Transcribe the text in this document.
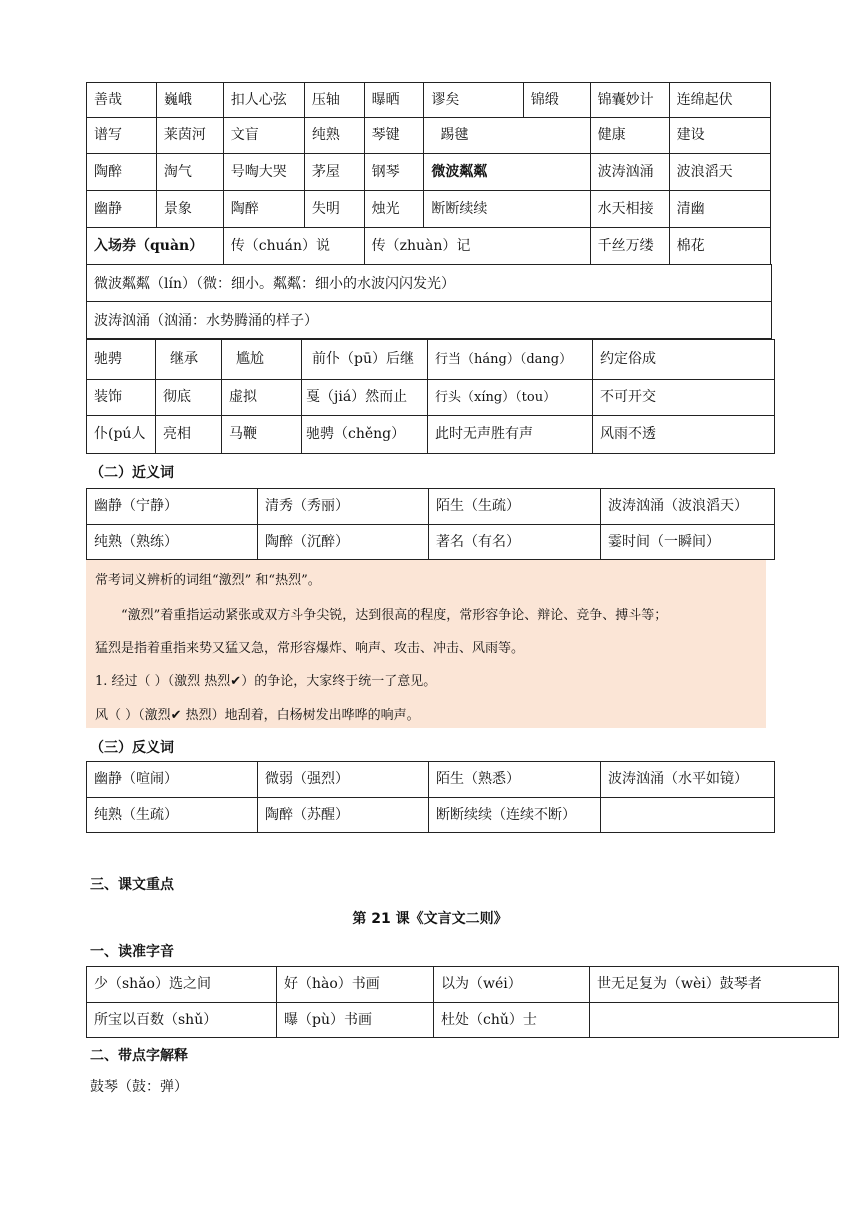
善哉	巍峨	扣人心弦	压轴	曝晒	谬矣	锦缎	锦囊妙计	连绵起伏
谱写	莱茵河	文盲	纯熟	琴键	踢毽		健康	建设
陶醉	淘气	号啕大哭	茅屋	钢琴	微波粼粼		波涛汹涌	波浪滔天
幽静	景象	陶醉	失明	烛光	断断续续		水天相接	清幽
入场券（quàn）		传（chuán）说		传（zhuàn）记			千丝万缕	棉花
微波粼粼（lín）（微：细小。粼粼：细小的水波闪闪发光）
波涛汹涌（汹涌：水势腾涌的样子）
驰骋	继承	尴尬	前仆（pū）后继	行当（háng）（dang）	约定俗成
装饰	彻底	虚拟	戛（jiá）然而止	行头（xíng）（tou）	不可开交
仆(pú人	亮相	马鞭	驰骋（chěng）	此时无声胜有声	风雨不透
（二）近义词
幽静（宁静）	清秀（秀丽）	陌生（生疏）	波涛汹涌（波浪滔天）
纯熟（熟练）	陶醉（沉醉）	著名（有名）	霎时间（一瞬间）
常考词义辨析的词组“激烈” 和“热烈”。
“激烈”着重指运动紧张或双方斗争尖锐，达到很高的程度，常形容争论、辩论、竞争、搏斗等；
猛烈是指着重指来势又猛又急，常形容爆炸、响声、攻击、冲击、风雨等。
1. 经过（ ）（激烈 热烈✔）的争论，大家终于统一了意见。
风（ ）（激烈✔ 热烈）地刮着，白杨树发出哗哗的响声。
（三）反义词
幽静（喧闹）	微弱（强烈）	陌生（熟悉）	波涛汹涌（水平如镜）
纯熟（生疏）	陶醉（苏醒）	断断续续（连续不断）	
三、课文重点
第 21 课《文言文二则》
一、读准字音
少（shǎo）选之间	好（hào）书画	以为（wéi）	世无足复为（wèi）鼓琴者
所宝以百数（shǔ）	曝（pù）书画	杜处（chǔ）士	
二、带点字解释
鼓琴（鼓：弹）
